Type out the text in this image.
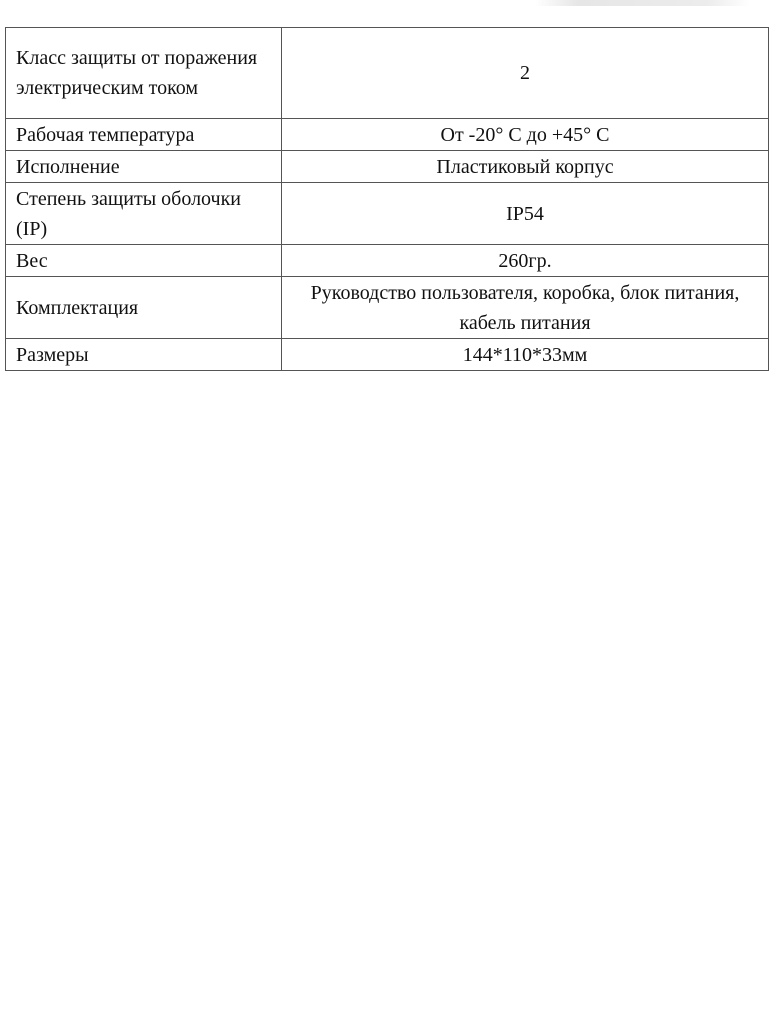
Класс защиты от поражения электрическим током	2
Рабочая температура	От -20° С до +45° С
Исполнение	Пластиковый корпус
Степень защиты оболочки (IP)	IP54
Вес	260гр.
Комплектация	Руководство пользователя, коробка, блок питания, кабель питания
Размеры	144*110*33мм
